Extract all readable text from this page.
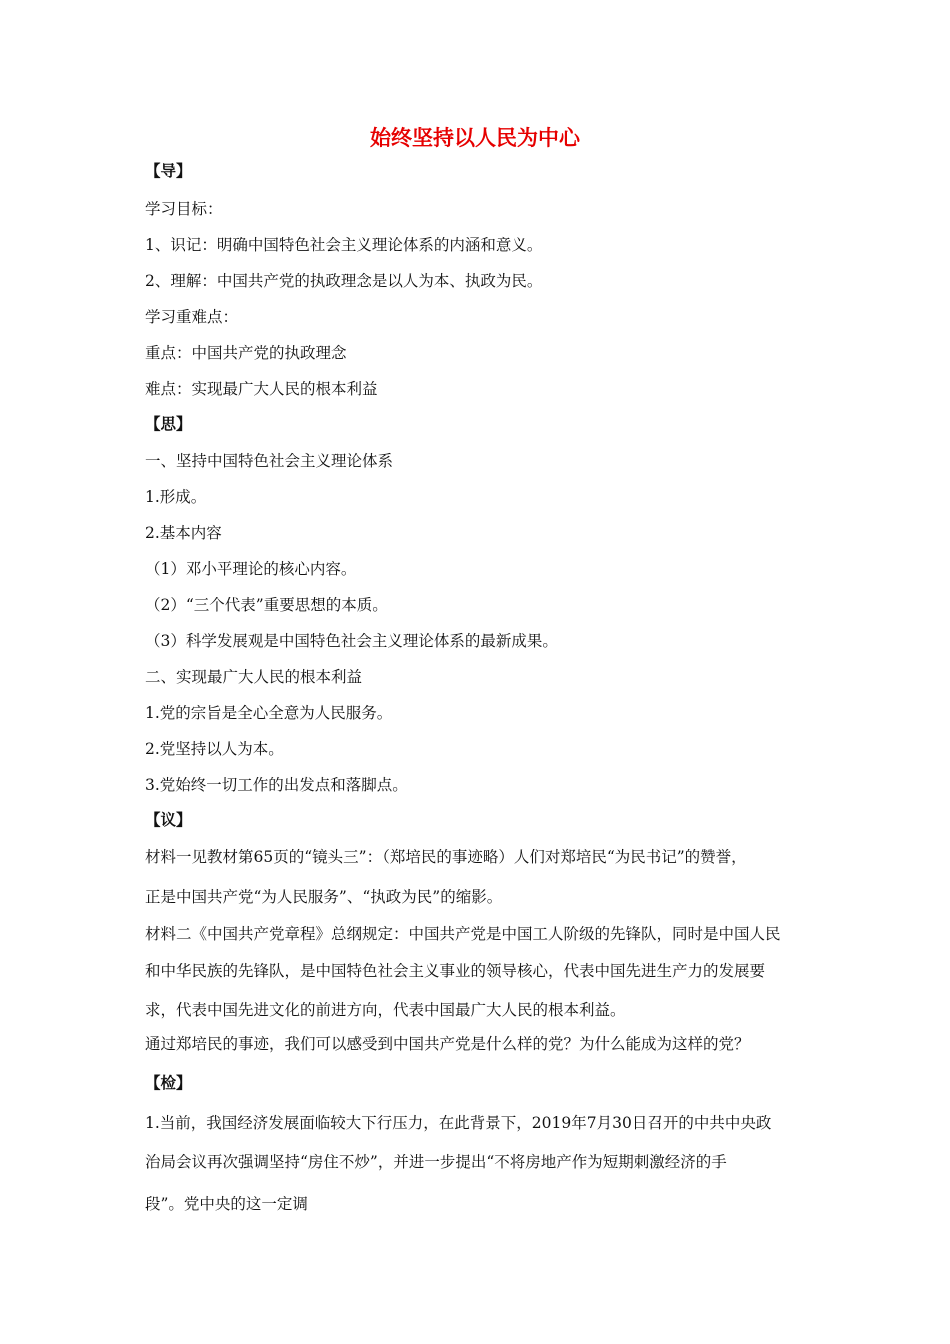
始终坚持以人民为中心
【导】
学习目标：
1、识记：明确中国特色社会主义理论体系的内涵和意义。
2、理解：中国共产党的执政理念是以人为本、执政为民。
学习重难点：
重点：中国共产党的执政理念
难点：实现最广大人民的根本利益
【思】
一、坚持中国特色社会主义理论体系
1.形成。
2.基本内容
（1）邓小平理论的核心内容。
（2）“三个代表”重要思想的本质。
（3）科学发展观是中国特色社会主义理论体系的最新成果。
二、实现最广大人民的根本利益
1.党的宗旨是全心全意为人民服务。
2.党坚持以人为本。
3.党始终一切工作的出发点和落脚点。
【议】
材料一见教材第65页的“镜头三”：（郑培民的事迹略）人们对郑培民“为民书记”的赞誉，
正是中国共产党“为人民服务”、“执政为民”的缩影。
材料二《中国共产党章程》总纲规定：中国共产党是中国工人阶级的先锋队，同时是中国人民
和中华民族的先锋队，是中国特色社会主义事业的领导核心，代表中国先进生产力的发展要
求，代表中国先进文化的前进方向，代表中国最广大人民的根本利益。
通过郑培民的事迹，我们可以感受到中国共产党是什么样的党？为什么能成为这样的党？
【检】
1.当前，我国经济发展面临较大下行压力，在此背景下，2019年7月30日召开的中共中央政
治局会议再次强调坚持“房住不炒”，并进一步提出“不将房地产作为短期刺激经济的手
段”。党中央的这一定调
